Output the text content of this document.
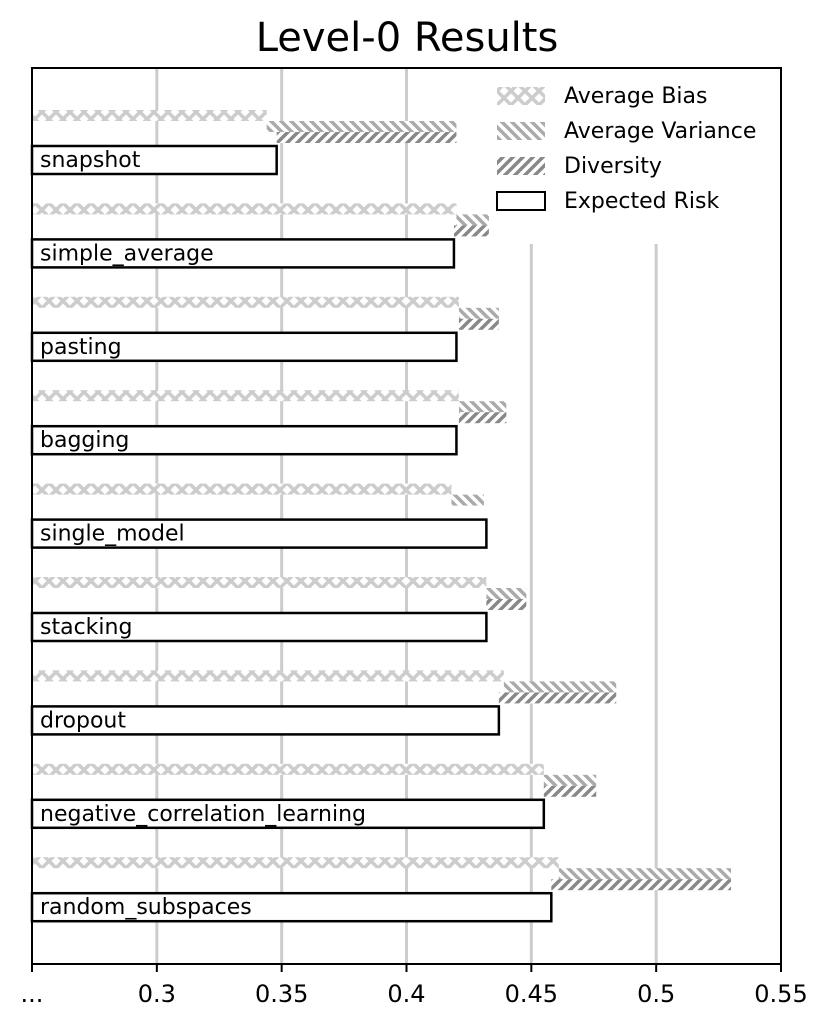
Level-0 Results
snapshot
simple_average
pasting
bagging
single_model
stacking
dropout
negative_correlation_learning
random_subspaces
...	0.3	0.35	0.4	0.45	0.5	0.55
Average Bias
Average Variance
Diversity
Expected Risk
